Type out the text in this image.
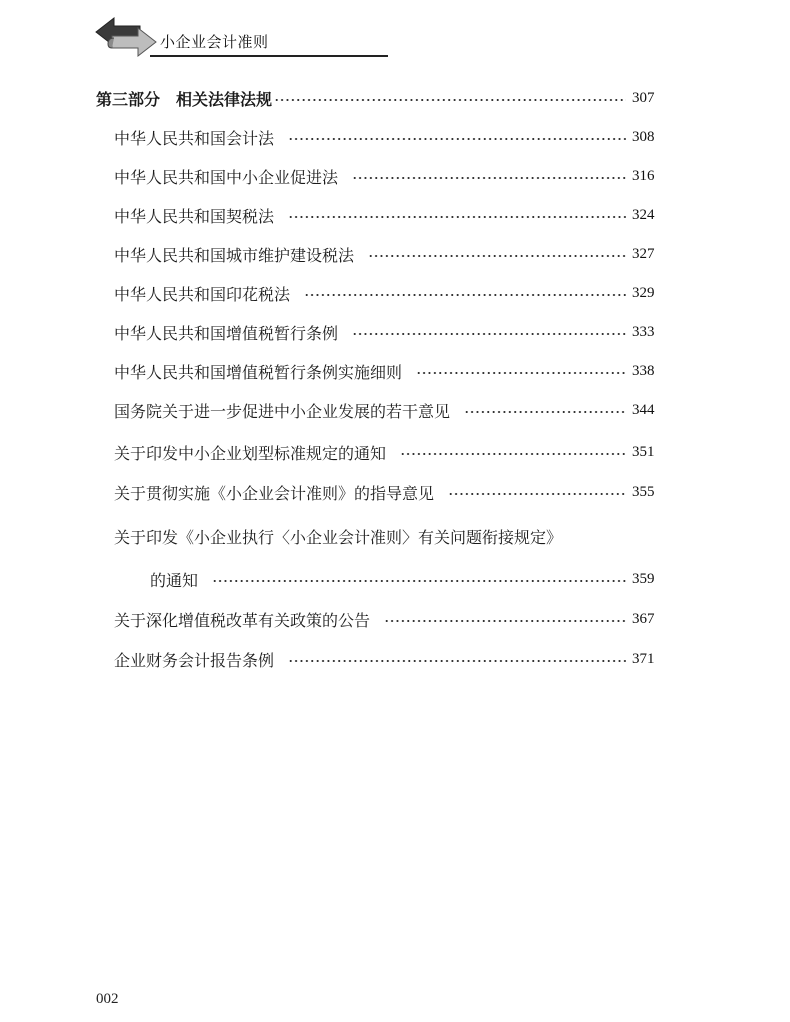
小企业会计准则
第三部分　相关法律法规	307
中华人民共和国会计法	308
中华人民共和国中小企业促进法	316
中华人民共和国契税法	324
中华人民共和国城市维护建设税法	327
中华人民共和国印花税法	329
中华人民共和国增值税暂行条例	333
中华人民共和国增值税暂行条例实施细则	338
国务院关于进一步促进中小企业发展的若干意见	344
关于印发中小企业划型标准规定的通知	351
关于贯彻实施《小企业会计准则》的指导意见	355
关于印发《小企业执行〈小企业会计准则〉有关问题衔接规定》
的通知	359
关于深化增值税改革有关政策的公告	367
企业财务会计报告条例	371
002
